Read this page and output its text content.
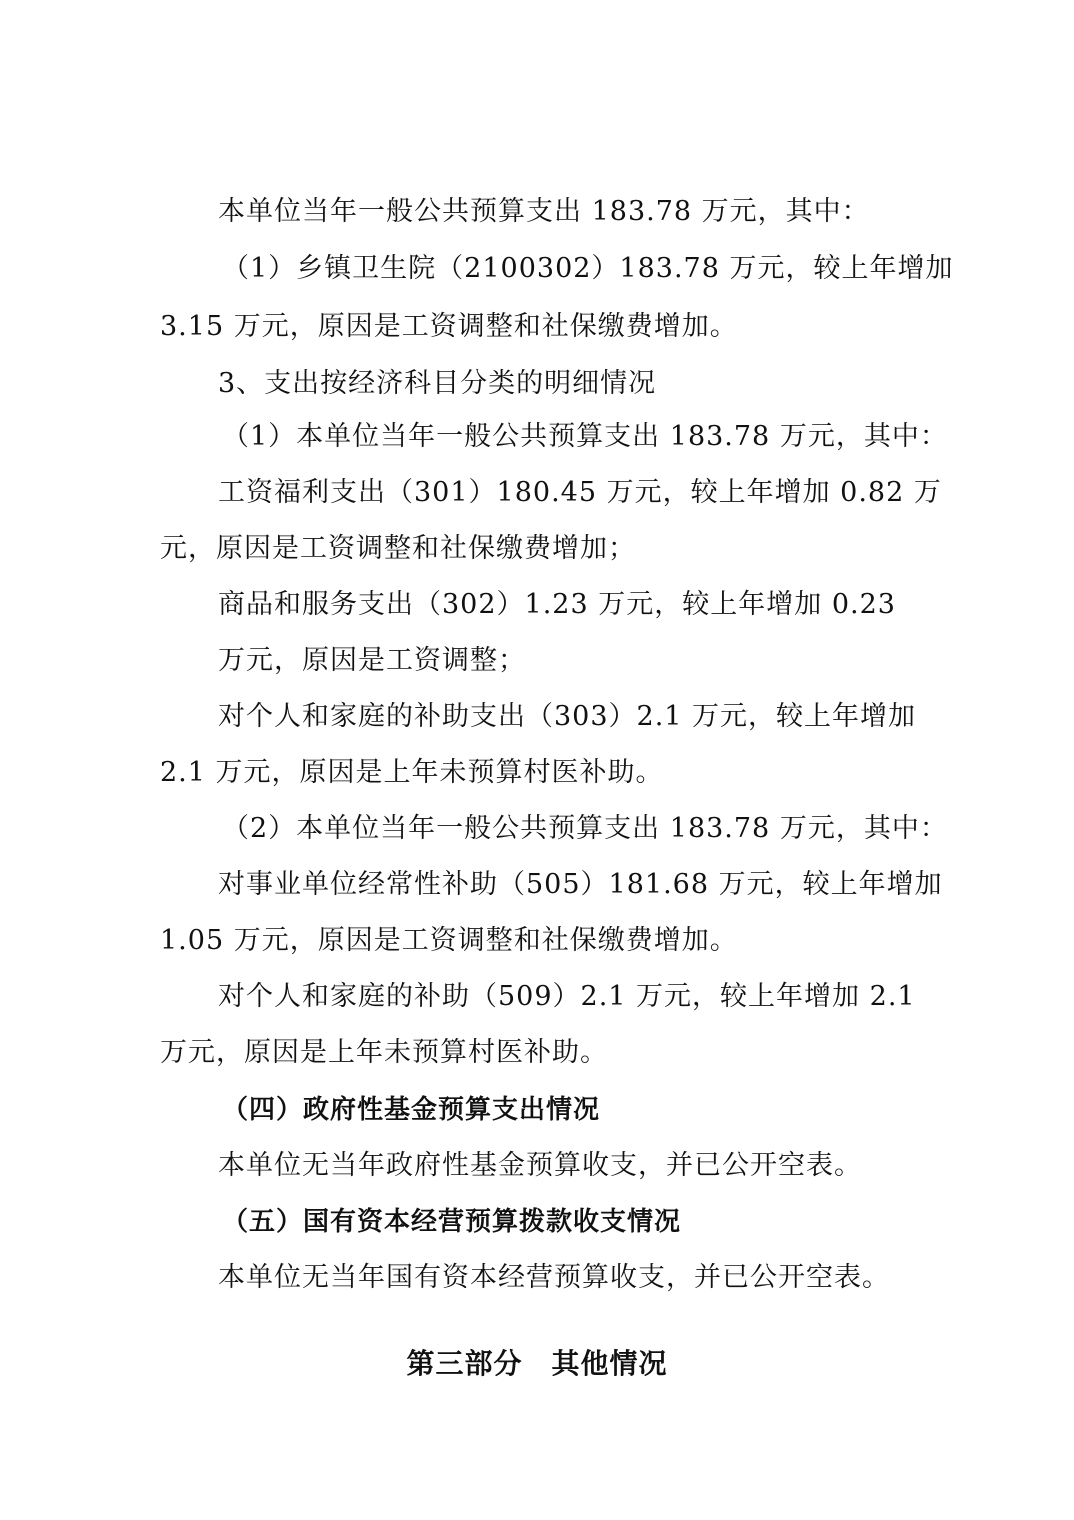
本单位当年一般公共预算支出 183.78 万元，其中：
（1）乡镇卫生院（2100302）183.78 万元，较上年增加
3.15 万元，原因是工资调整和社保缴费增加。
3、支出按经济科目分类的明细情况
（1）本单位当年一般公共预算支出 183.78 万元，其中：
工资福利支出（301）180.45 万元，较上年增加 0.82 万
元，原因是工资调整和社保缴费增加；
商品和服务支出（302）1.23 万元，较上年增加 0.23
万元，原因是工资调整；
对个人和家庭的补助支出（303）2.1 万元，较上年增加
2.1 万元，原因是上年未预算村医补助。
（2）本单位当年一般公共预算支出 183.78 万元，其中：
对事业单位经常性补助（505）181.68 万元，较上年增加
1.05 万元，原因是工资调整和社保缴费增加。
对个人和家庭的补助（509）2.1 万元，较上年增加 2.1
万元，原因是上年未预算村医补助。
（四）政府性基金预算支出情况
本单位无当年政府性基金预算收支，并已公开空表。
（五）国有资本经营预算拨款收支情况
本单位无当年国有资本经营预算收支，并已公开空表。
第三部分　其他情况
